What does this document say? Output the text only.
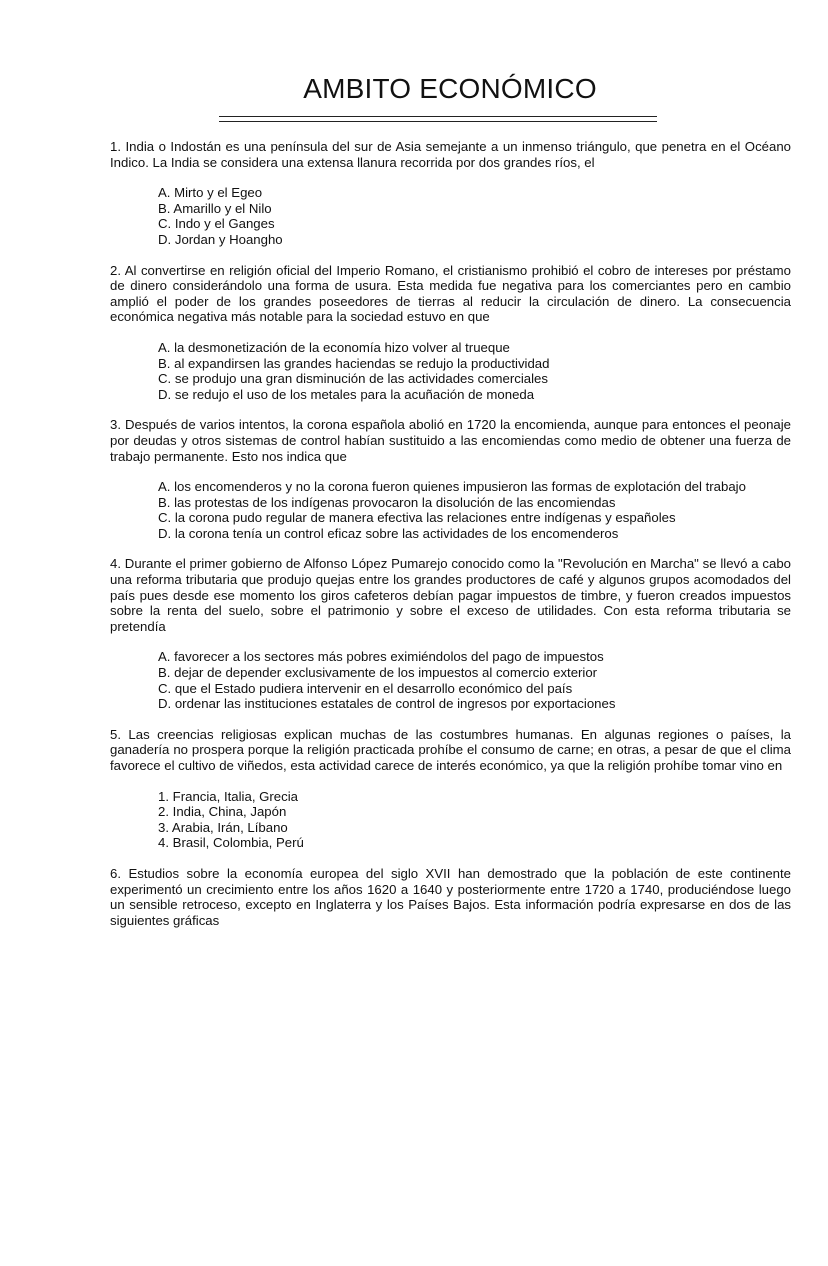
AMBITO ECONÓMICO

1. India o Indostán es una península del sur de Asia semejante a un inmenso triángulo, que penetra en el Océano Indico. La India se considera una extensa llanura recorrida por dos grandes ríos, el

A. Mirto y el Egeo
B. Amarillo y el Nilo
C. Indo y el Ganges
D. Jordan y Hoangho

2. Al convertirse en religión oficial del Imperio Romano, el cristianismo prohibió el cobro de intereses por préstamo de dinero considerándolo una forma de usura. Esta medida fue negativa para los comerciantes pero en cambio amplió el poder de los grandes poseedores de tierras al reducir la circulación de dinero. La consecuencia económica negativa más notable para la sociedad estuvo en que

A. la desmonetización de la economía hizo volver al trueque
B. al expandirsen las grandes haciendas se redujo la productividad
C. se produjo una gran disminución de las actividades comerciales
D. se redujo el uso de los metales para la acuñación de moneda

3. Después de varios intentos, la corona española abolió en 1720 la encomienda, aunque para entonces el peonaje por deudas y otros sistemas de control habían sustituido a las encomiendas como medio de obtener una fuerza de trabajo permanente. Esto nos indica que

A. los encomenderos y no la corona fueron quienes impusieron las formas de explotación del trabajo
B. las protestas de los indígenas provocaron la disolución de las encomiendas
C. la corona pudo regular de manera efectiva las relaciones entre indígenas y españoles
D. la corona tenía un control eficaz sobre las actividades de los encomenderos

4. Durante el primer gobierno de Alfonso López Pumarejo conocido como la "Revolución en Marcha" se llevó a cabo una reforma tributaria que produjo quejas entre los grandes productores de café y algunos grupos acomodados del país pues desde ese momento los giros cafeteros debían pagar impuestos de timbre, y fueron creados impuestos sobre la renta del suelo, sobre el patrimonio y sobre el exceso de utilidades. Con esta reforma tributaria se pretendía

A. favorecer a los sectores más pobres eximiéndolos del pago de impuestos
B. dejar de depender exclusivamente de los impuestos al comercio exterior
C. que el Estado pudiera intervenir en el desarrollo económico del país
D. ordenar las instituciones estatales de control de ingresos por exportaciones

5. Las creencias religiosas explican muchas de las costumbres humanas. En algunas regiones o países, la ganadería no prospera porque la religión practicada prohíbe el consumo de carne; en otras, a pesar de que el clima favorece el cultivo de viñedos, esta actividad carece de interés económico, ya que la religión prohíbe tomar vino en

1. Francia, Italia, Grecia
2. India, China, Japón
3. Arabia, Irán, Líbano
4. Brasil, Colombia, Perú

6. Estudios sobre la economía europea del siglo XVII han demostrado que la población de este continente experimentó un crecimiento entre los años 1620 a 1640 y posteriormente entre 1720 a 1740, produciéndose luego un sensible retroceso, excepto en Inglaterra y los Países Bajos. Esta información podría expresarse en dos de las siguientes gráficas
